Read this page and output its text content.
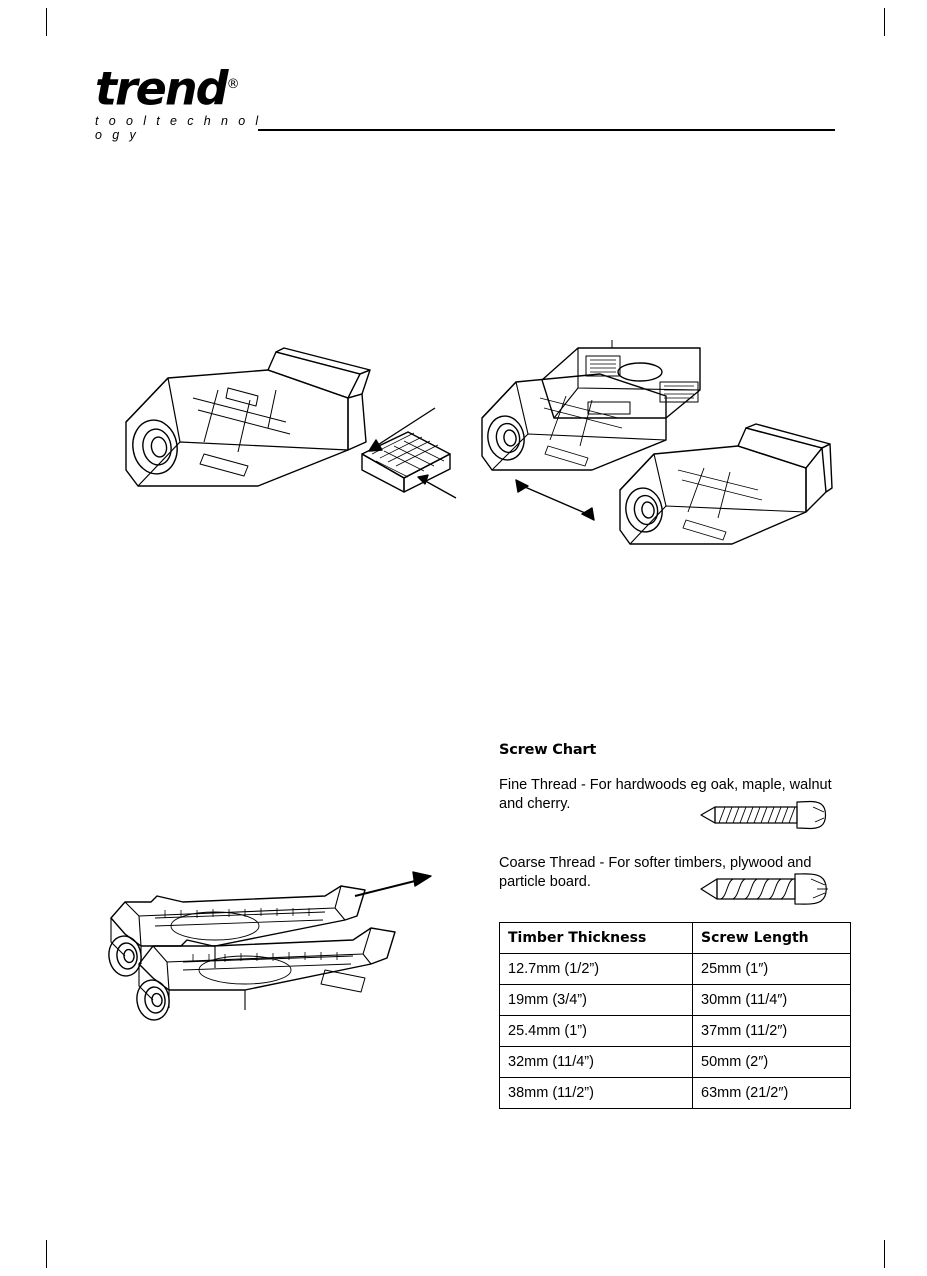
trend®
t o o l t e c h n o l o g y
Screw Chart

Fine Thread - For hardwoods eg oak, maple, walnut and cherry.

Coarse Thread - For softer timbers, plywood and particle board.

Timber Thickness	Screw Length
12.7mm (1/2”)	25mm (1″)
19mm (3/4”)	30mm (11/4″)
25.4mm (1”)	37mm (11/2″)
32mm (11/4”)	50mm (2″)
38mm (11/2”)	63mm (21/2″)
